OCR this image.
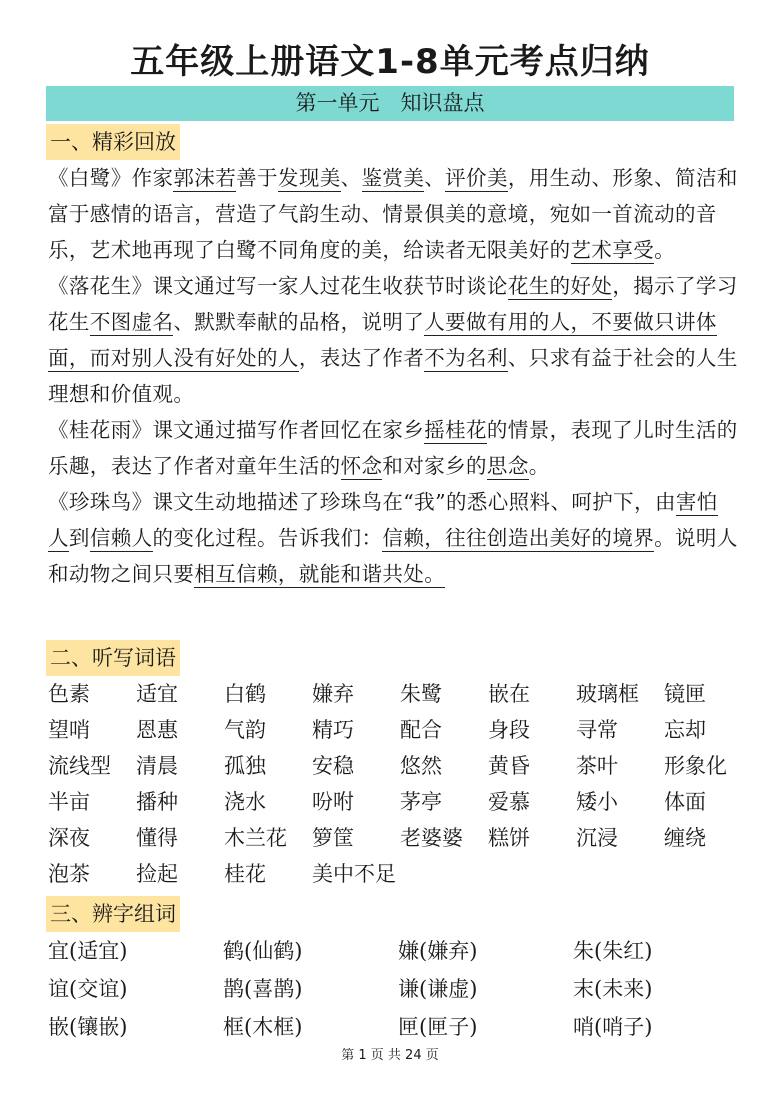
五年级上册语文1-8单元考点归纳
第一单元　知识盘点
一、精彩回放

《白鹭》作家郭沫若善于发现美、鉴赏美、评价美，用生动、形象、简洁和富于感情的语言，营造了气韵生动、情景俱美的意境，宛如一首流动的音乐，艺术地再现了白鹭不同角度的美，给读者无限美好的艺术享受。

《落花生》课文通过写一家人过花生收获节时谈论花生的好处，揭示了学习花生不图虚名、默默奉献的品格，说明了人要做有用的人，不要做只讲体面，而对别人没有好处的人，表达了作者不为名利、只求有益于社会的人生理想和价值观。

《桂花雨》课文通过描写作者回忆在家乡摇桂花的情景，表现了儿时生活的乐趣，表达了作者对童年生活的怀念和对家乡的思念。

《珍珠鸟》课文生动地描述了珍珠鸟在“我”的悉心照料、呵护下，由害怕人到信赖人的变化过程。告诉我们：信赖，往往创造出美好的境界。说明人和动物之间只要相互信赖，就能和谐共处。

二、听写词语
色素	适宜	白鹤	嫌弃	朱鹭	嵌在	玻璃框	镜匣
望哨	恩惠	气韵	精巧	配合	身段	寻常	忘却
流线型	清晨	孤独	安稳	悠然	黄昏	茶叶	形象化
半亩	播种	浇水	吩咐	茅亭	爱慕	矮小	体面
深夜	懂得	木兰花	箩筐	老婆婆	糕饼	沉浸	缠绕
泡茶	捡起	桂花	美中不足
三、辨字组词
宜(适宜)	鹤(仙鹤)	嫌(嫌弃)	朱(朱红)
谊(交谊)	鹊(喜鹊)	谦(谦虚)	末(未来)
嵌(镶嵌)	框(木框)	匣(匣子)	哨(哨子)
第 1 页 共 24 页
